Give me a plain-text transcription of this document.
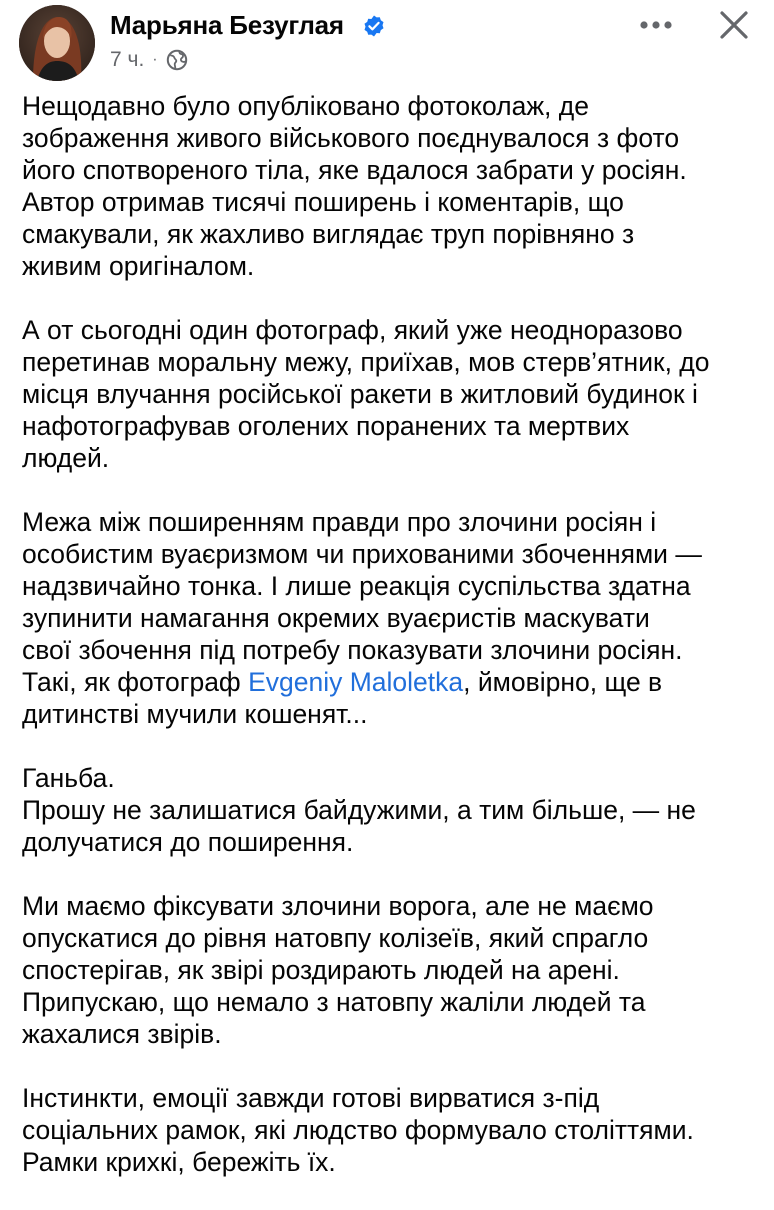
Марьяна Безуглая
7 ч. ·
Нещодавно було опубліковано фотоколаж, де
зображення живого військового поєднувалося з фото
його спотвореного тіла, яке вдалося забрати у росіян.
Автор отримав тисячі поширень і коментарів, що
смакували, як жахливо виглядає труп порівняно з
живим оригіналом.
А от сьогодні один фотограф, який уже неодноразово
перетинав моральну межу, приїхав, мов стерв’ятник, до
місця влучання російської ракети в житловий будинок і
нафотографував оголених поранених та мертвих
людей.
Межа між поширенням правди про злочини росіян і
особистим вуаєризмом чи прихованими збоченнями —
надзвичайно тонка. І лише реакція суспільства здатна
зупинити намагання окремих вуаєристів маскувати
свої збочення під потребу показувати злочини росіян.
Такі, як фотограф Evgeniy Maloletka, ймовірно, ще в
дитинстві мучили кошенят...
Ганьба.
Прошу не залишатися байдужими, а тим більше, — не
долучатися до поширення.
Ми маємо фіксувати злочини ворога, але не маємо
опускатися до рівня натовпу колізеїв, який спрагло
спостерігав, як звірі роздирають людей на арені.
Припускаю, що немало з натовпу жаліли людей та
жахалися звірів.
Інстинкти, емоції завжди готові вирватися з-під
соціальних рамок, які людство формувало століттями.
Рамки крихкі, бережіть їх.
